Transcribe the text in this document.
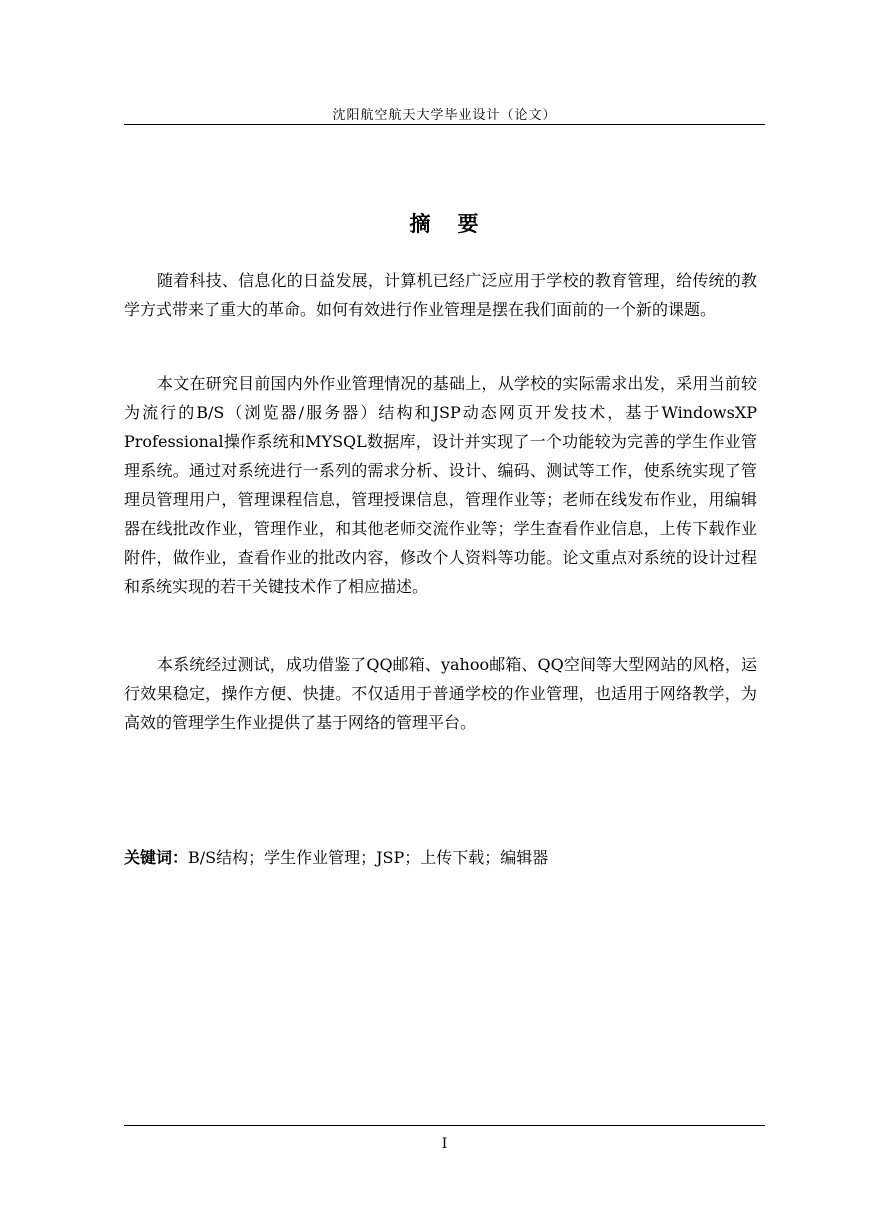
沈阳航空航天大学毕业设计（论文）
摘 要

随着科技、信息化的日益发展，计算机已经广泛应用于学校的教育管理，给传统的教学方式带来了重大的革命。如何有效进行作业管理是摆在我们面前的一个新的课题。

本文在研究目前国内外作业管理情况的基础上，从学校的实际需求出发，采用当前较为流行的B/S（浏览器/服务器）结构和JSP动态网页开发技术，基于WindowsXP Professional操作系统和MYSQL数据库，设计并实现了一个功能较为完善的学生作业管理系统。通过对系统进行一系列的需求分析、设计、编码、测试等工作，使系统实现了管理员管理用户，管理课程信息，管理授课信息，管理作业等；老师在线发布作业，用编辑器在线批改作业，管理作业，和其他老师交流作业等；学生查看作业信息，上传下载作业附件，做作业，查看作业的批改内容，修改个人资料等功能。论文重点对系统的设计过程和系统实现的若干关键技术作了相应描述。

本系统经过测试，成功借鉴了QQ邮箱、yahoo邮箱、QQ空间等大型网站的风格，运行效果稳定，操作方便、快捷。不仅适用于普通学校的作业管理，也适用于网络教学，为高效的管理学生作业提供了基于网络的管理平台。

关键词：B/S结构；学生作业管理；JSP；上传下载；编辑器
I
